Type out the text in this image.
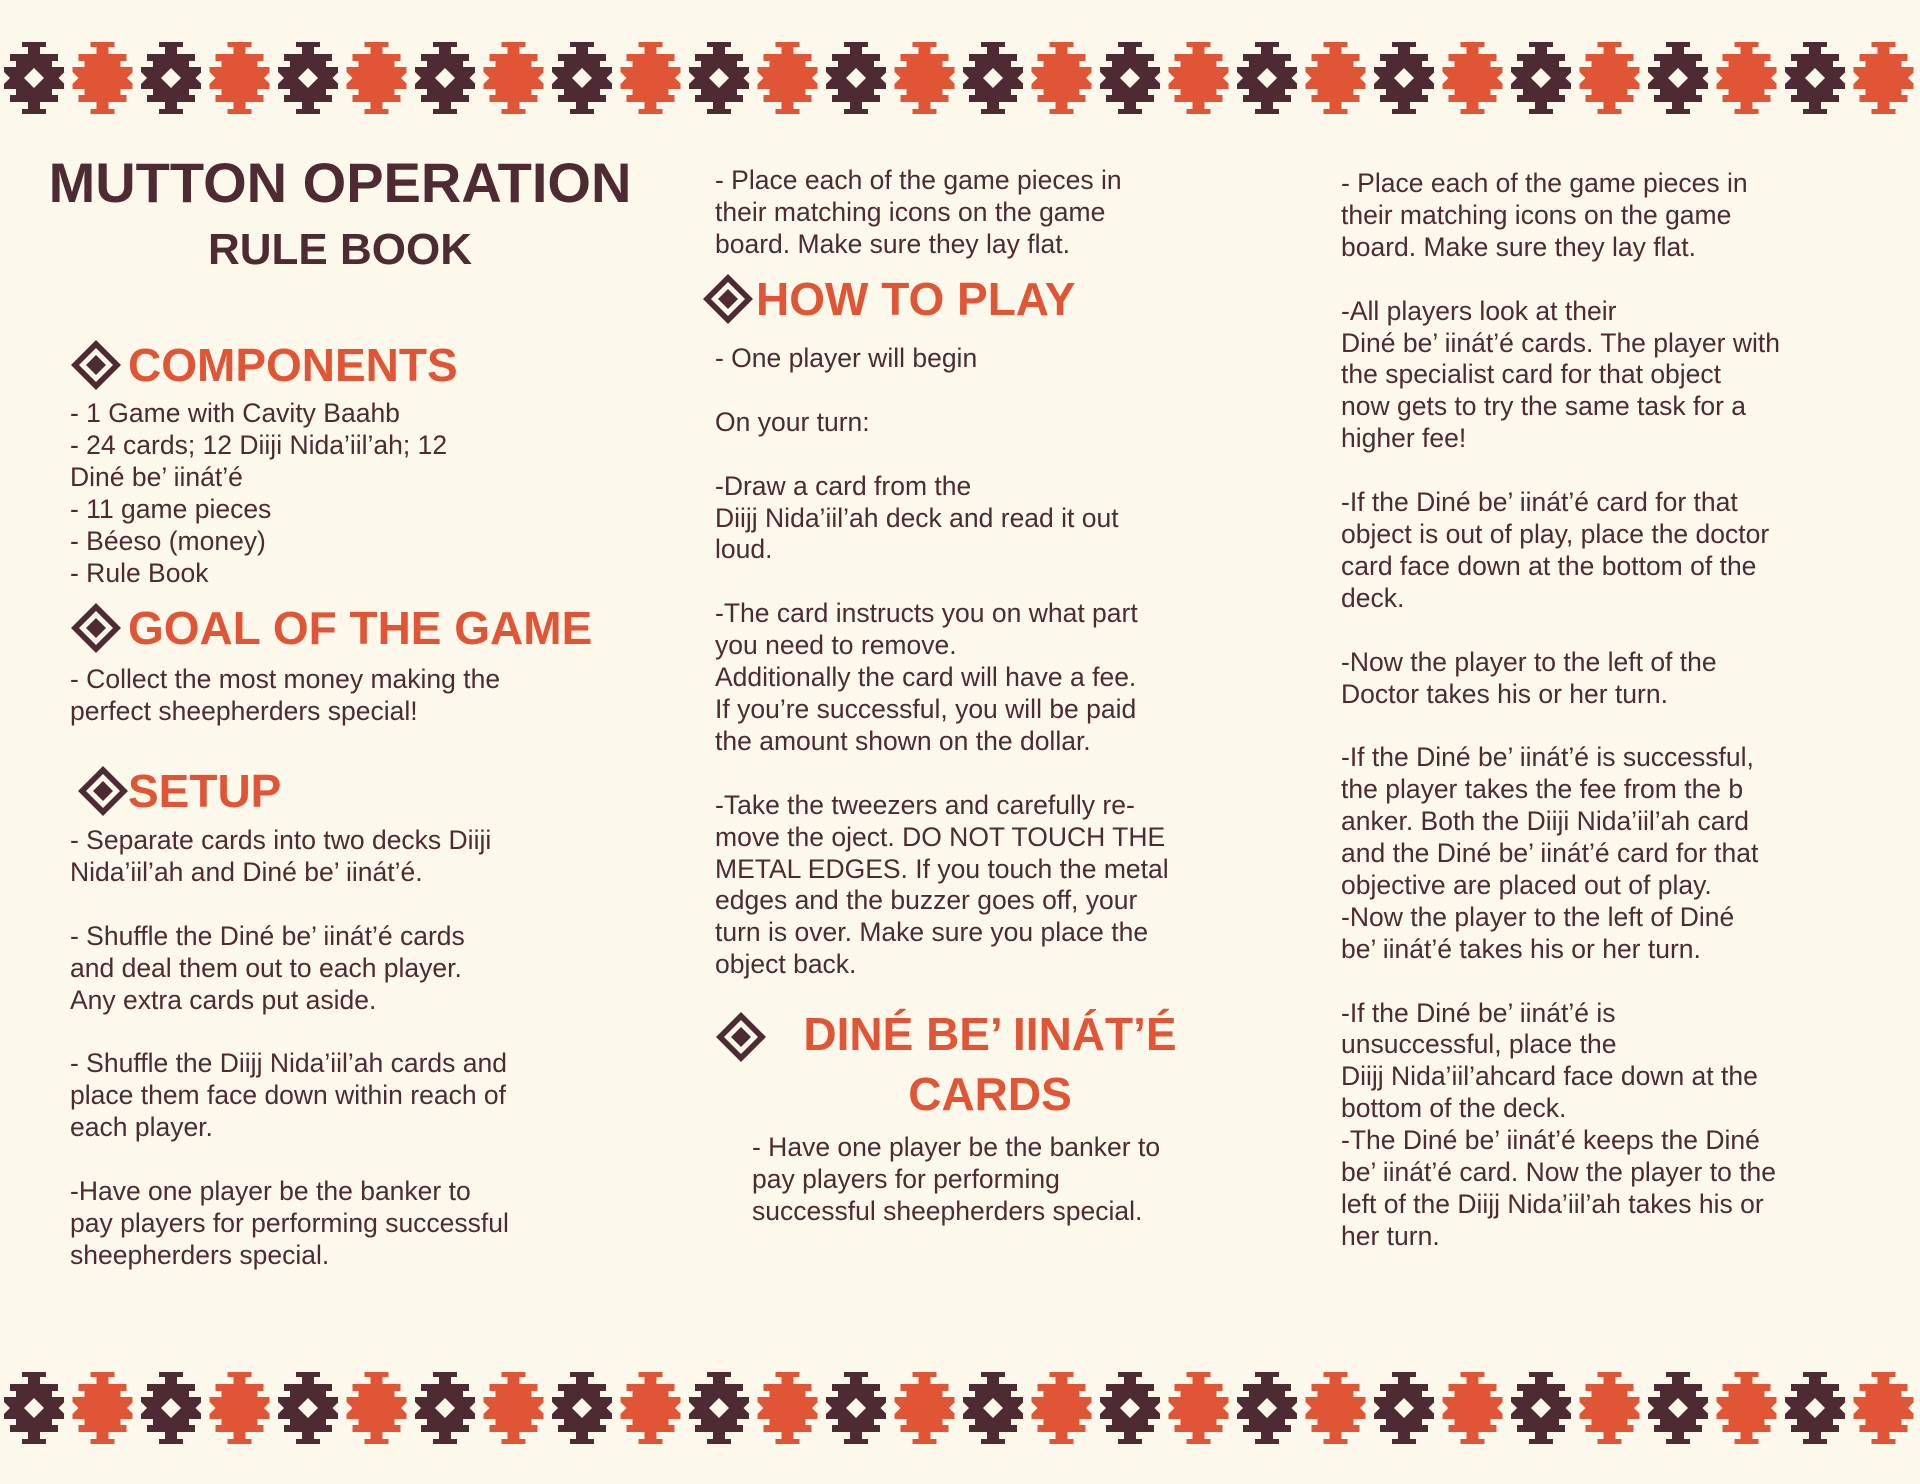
MUTTON OPERATION
RULE BOOK
COMPONENTS
- 1 Game with Cavity Baahb
- 24 cards; 12 Diiji Nida’iil’ah; 12
Diné be’ iinát’é
- 11 game pieces
- Béeso (money)
- Rule Book
GOAL OF THE GAME
- Collect the most money making the
perfect sheepherders special!
SETUP
- Separate cards into two decks Diiji
Nida’iil’ah and Diné be’ iinát’é.

- Shuffle the Diné be’ iinát’é cards
and deal them out to each player.
Any extra cards put aside.

- Shuffle the Diijj Nida’iil’ah cards and
place them face down within reach of
each player.

-Have one player be the banker to
pay players for performing successful
sheepherders special.
- Place each of the game pieces in
their matching icons on the game
board. Make sure they lay flat.
HOW TO PLAY
- One player will begin

On your turn:

-Draw a card from the
Diijj Nida’iil’ah deck and read it out
loud.

-The card instructs you on what part
you need to remove.
Additionally the card will have a fee.
If you’re successful, you will be paid
the amount shown on the dollar.

-Take the tweezers and carefully re-
move the oject. DO NOT TOUCH THE
METAL EDGES. If you touch the metal
edges and the buzzer goes off, your
turn is over. Make sure you place the
object back.
DINÉ BE’ IINÁT’É
CARDS
- Have one player be the banker to
pay players for performing
successful sheepherders special.
- Place each of the game pieces in
their matching icons on the game
board. Make sure they lay flat.

-All players look at their
Diné be’ iinát’é cards. The player with
the specialist card for that object
now gets to try the same task for a
higher fee!

-If the Diné be’ iinát’é card for that
object is out of play, place the doctor
card face down at the bottom of the
deck.

-Now the player to the left of the
Doctor takes his or her turn.

-If the Diné be’ iinát’é is successful,
the player takes the fee from the b
anker. Both the Diiji Nida’iil’ah card
and the Diné be’ iinát’é card for that
objective are placed out of play.
-Now the player to the left of Diné
be’ iinát’é takes his or her turn.

-If the Diné be’ iinát’é is
unsuccessful, place the
Diijj Nida’iil’ahcard face down at the
bottom of the deck.
-The Diné be’ iinát’é keeps the Diné
be’ iinát’é card. Now the player to the
left of the Diijj Nida’iil’ah takes his or
her turn.
